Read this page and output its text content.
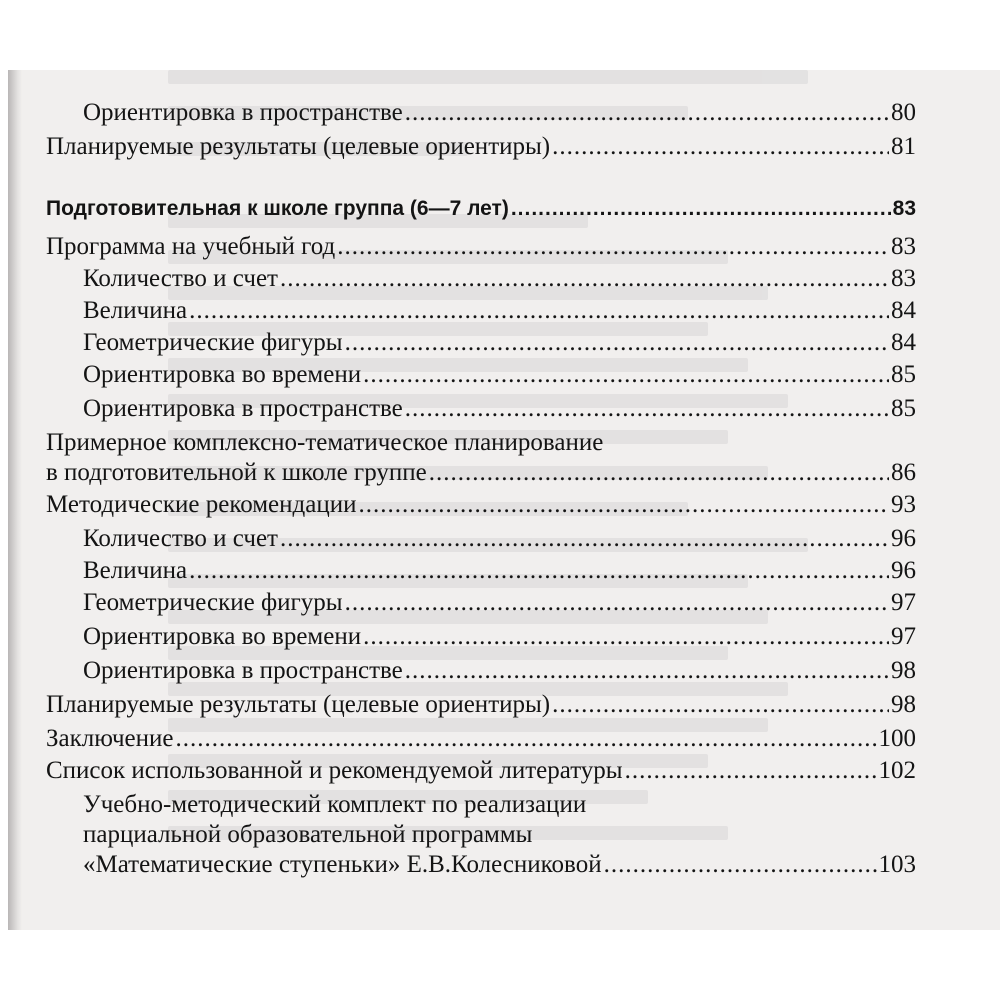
Ориентировка в пространстве .....	80
Планируемые результаты (целевые ориентиры) .....	81
Подготовительная к школе группа (6—7 лет) .....	83
Программа на учебный год .....	83
Количество и счет .....	83
Величина .....	84
Геометрические фигуры .....	84
Ориентировка во времени .....	85
Ориентировка в пространстве .....	85
Примерное комплексно-тематическое планирование
в подготовительной к школе группе .....	86
Методические рекомендации .....	93
Количество и счет .....	96
Величина .....	96
Геометрические фигуры .....	97
Ориентировка во времени .....	97
Ориентировка в пространстве .....	98
Планируемые результаты (целевые ориентиры) .....	98
Заключение .....	100
Список использованной и рекомендуемой литературы .....	102
Учебно-методический комплект по реализации
парциальной образовательной программы
«Математические ступеньки» Е.В.Колесниковой .....	103
